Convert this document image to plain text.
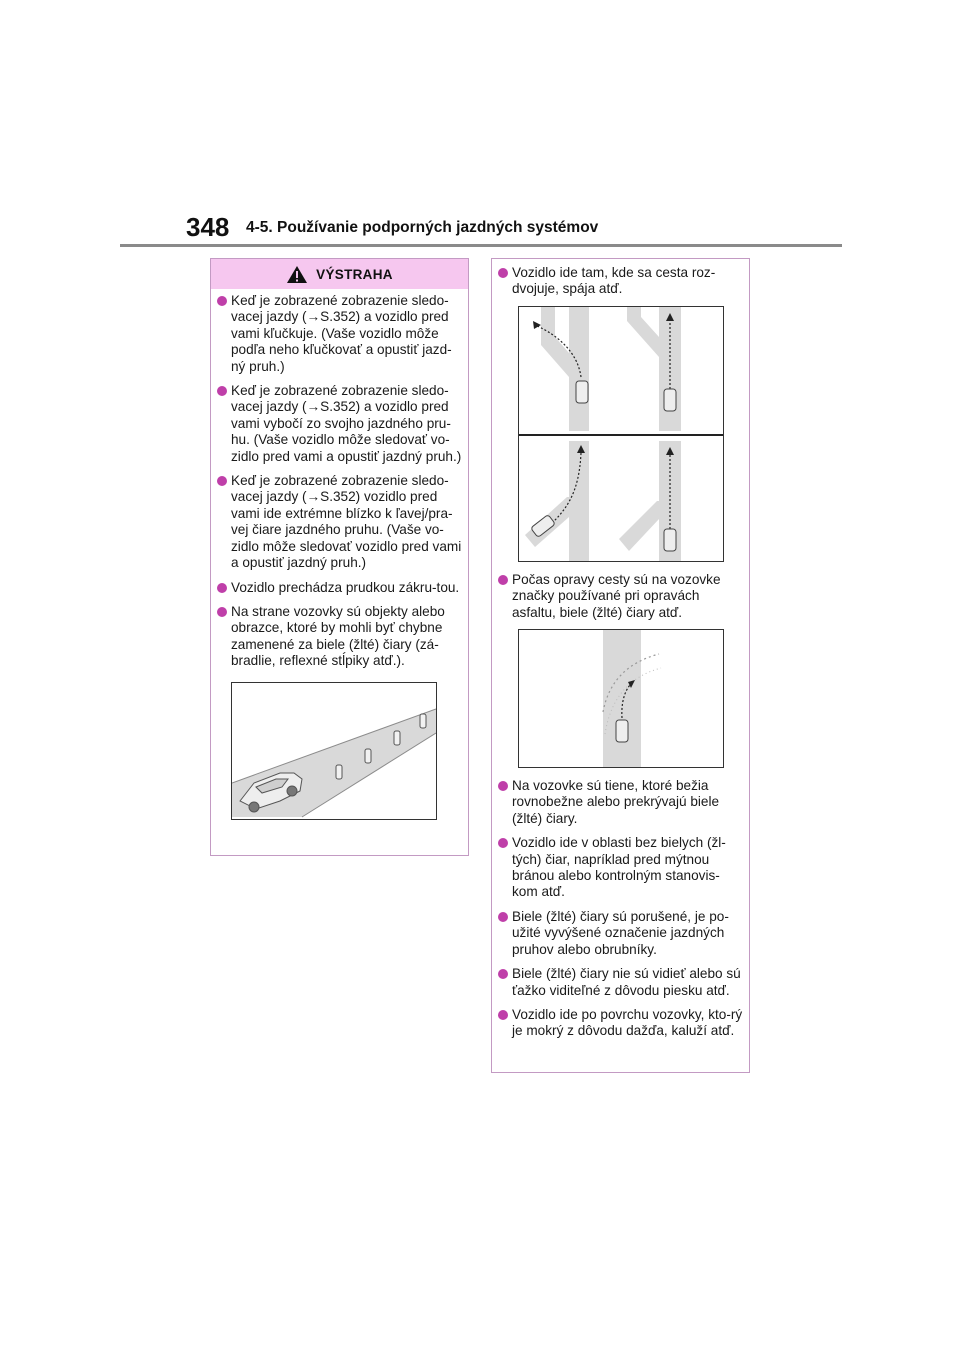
348 4-5. Používanie podporných jazdných systémov
VÝSTRAHA
Keď je zobrazené zobrazenie sledo-vacej jazdy (→S.352) a vozidlo pred vami kľučkuje. (Vaše vozidlo môže podľa neho kľučkovať a opustiť jazd-ný pruh.)
Keď je zobrazené zobrazenie sledo-vacej jazdy (→S.352) a vozidlo pred vami vybočí zo svojho jazdného pru-hu. (Vaše vozidlo môže sledovať vo-zidlo pred vami a opustiť jazdný pruh.)
Keď je zobrazené zobrazenie sledo-vacej jazdy (→S.352) vozidlo pred vami ide extrémne blízko k ľavej/pra-vej čiare jazdného pruhu. (Vaše vo-zidlo môže sledovať vozidlo pred vami a opustiť jazdný pruh.)
Vozidlo prechádza prudkou zákru-tou.
Na strane vozovky sú objekty alebo obrazce, ktoré by mohli byť chybne zamenené za biele (žlté) čiary (zá-bradlie, reflexné stĺpiky atď.).
Vozidlo ide tam, kde sa cesta roz-dvojuje, spája atď.
Počas opravy cesty sú na vozovke značky používané pri opravách asfaltu, biele (žlté) čiary atď.
Na vozovke sú tiene, ktoré bežia rovnobežne alebo prekrývajú biele (žlté) čiary.
Vozidlo ide v oblasti bez bielych (žl-tých) čiar, napríklad pred mýtnou bránou alebo kontrolným stanovis-kom atď.
Biele (žlté) čiary sú porušené, je po-užité vyvýšené označenie jazdných pruhov alebo obrubníky.
Biele (žlté) čiary nie sú vidieť alebo sú ťažko viditeľné z dôvodu piesku atď.
Vozidlo ide po povrchu vozovky, kto-rý je mokrý z dôvodu dažďa, kaluží atď.
